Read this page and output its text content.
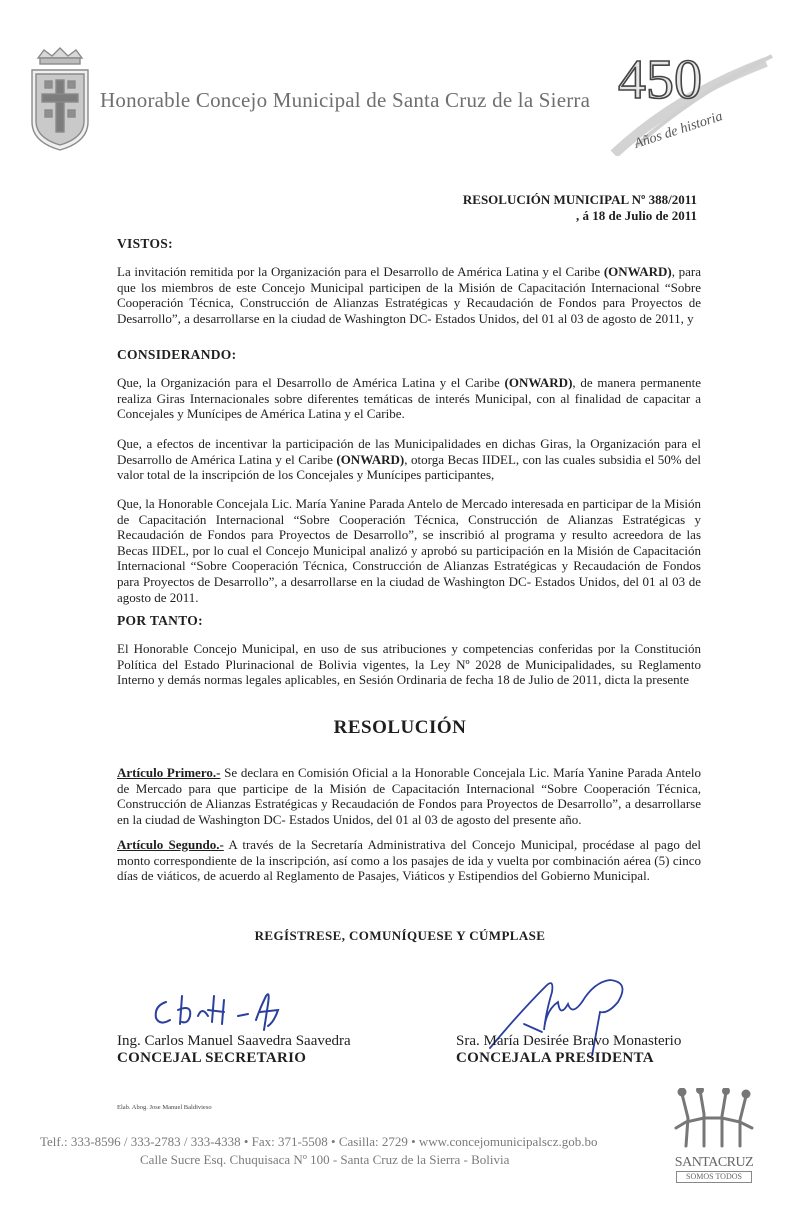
Honorable Concejo Municipal de Santa Cruz de la Sierra 450
Años de historia
RESOLUCIÓN MUNICIPAL Nº 388/2011
, á 18 de Julio de 2011
VISTOS:
La invitación remitida por la Organización para el Desarrollo de América Latina y el Caribe (ONWARD), para que los miembros de este Concejo Municipal participen de la Misión de Capacitación Internacional “Sobre Cooperación Técnica, Construcción de Alianzas Estratégicas y Recaudación de Fondos para Proyectos de Desarrollo”, a desarrollarse en la ciudad de Washington DC- Estados Unidos, del 01 al 03 de agosto de 2011, y
CONSIDERANDO:
Que, la Organización para el Desarrollo de América Latina y el Caribe (ONWARD), de manera permanente realiza Giras Internacionales sobre diferentes temáticas de interés Municipal, con al finalidad de capacitar a Concejales y Munícipes de América Latina y el Caribe.
Que, a efectos de incentivar la participación de las Municipalidades en dichas Giras, la Organización para el Desarrollo de América Latina y el Caribe (ONWARD), otorga Becas IIDEL, con las cuales subsidia el 50% del valor total de la inscripción de los Concejales y Munícipes participantes,
Que, la Honorable Concejala Lic. María Yanine Parada Antelo de Mercado interesada en participar de la Misión de Capacitación Internacional “Sobre Cooperación Técnica, Construcción de Alianzas Estratégicas y Recaudación de Fondos para Proyectos de Desarrollo”, se inscribió al programa y resulto acreedora de las Becas IIDEL, por lo cual el Concejo Municipal analizó y aprobó su participación en la Misión de Capacitación Internacional “Sobre Cooperación Técnica, Construcción de Alianzas Estratégicas y Recaudación de Fondos para Proyectos de Desarrollo”, a desarrollarse en la ciudad de Washington DC- Estados Unidos, del 01 al 03 de agosto de 2011.
POR TANTO:
El Honorable Concejo Municipal, en uso de sus atribuciones y competencias conferidas por la Constitución Política del Estado Plurinacional de Bolivia vigentes, la Ley Nº 2028 de Municipalidades, su Reglamento Interno y demás normas legales aplicables, en Sesión Ordinaria de fecha 18 de Julio de 2011, dicta la presente
RESOLUCIÓN
Artículo Primero.- Se declara en Comisión Oficial a la Honorable Concejala Lic. María Yanine Parada Antelo de Mercado para que participe de la Misión de Capacitación Internacional “Sobre Cooperación Técnica, Construcción de Alianzas Estratégicas y Recaudación de Fondos para Proyectos de Desarrollo”, a desarrollarse en la ciudad de Washington DC- Estados Unidos, del 01 al 03 de agosto del presente año.
Artículo Segundo.- A través de la Secretaría Administrativa del Concejo Municipal, procédase al pago del monto correspondiente de la inscripción, así como a los pasajes de ida y vuelta por combinación aérea (5) cinco días de viáticos, de acuerdo al Reglamento de Pasajes, Viáticos y Estipendios del Gobierno Municipal.
REGÍSTRESE, COMUNÍQUESE Y CÚMPLASE
Ing. Carlos Manuel Saavedra Saavedra
CONCEJAL SECRETARIO
Sra. María Desirée Bravo Monasterio
CONCEJALA PRESIDENTA
Elab. Abog. Jose Manuel Baldivieso
Telf.: 333-8596 / 333-2783 / 333-4338 • Fax: 371-5508 • Casilla: 2729 • www.concejomunicipalscz.gob.bo
Calle Sucre Esq. Chuquisaca Nº 100 - Santa Cruz de la Sierra - Bolivia	SANTACRUZ
SOMOS TODOS
